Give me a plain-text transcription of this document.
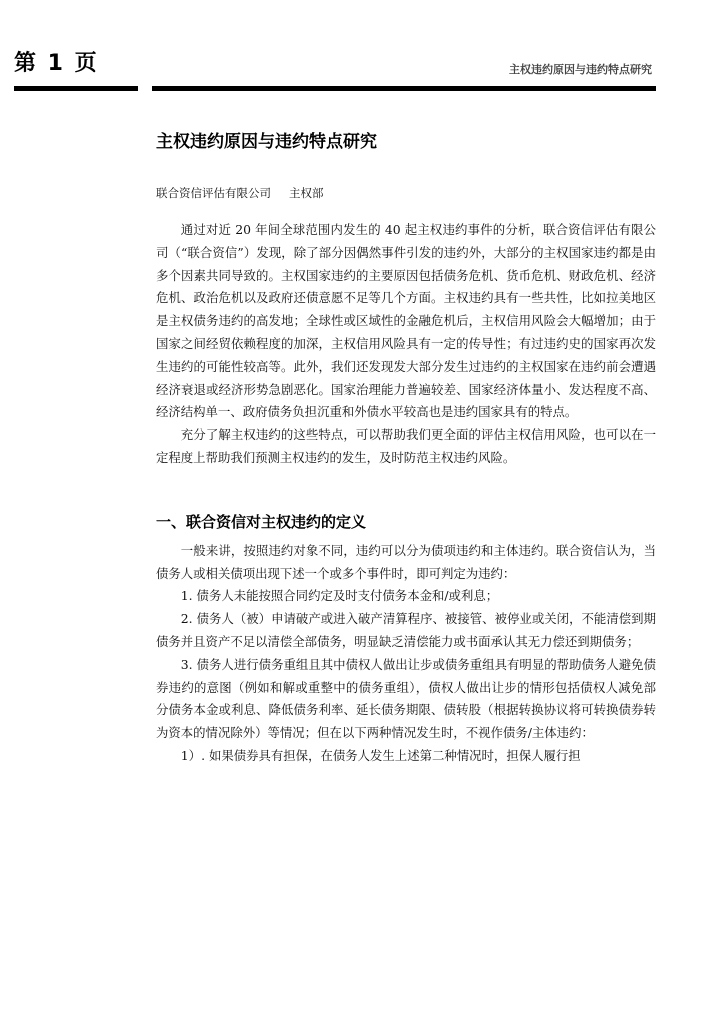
第 1 页	主权违约原因与违约特点研究
主权违约原因与违约特点研究
联合资信评估有限公司 主权部

通过对近 20 年间全球范围内发生的 40 起主权违约事件的分析，联合资信评估有限公司（“联合资信”）发现，除了部分因偶然事件引发的违约外，大部分的主权国家违约都是由多个因素共同导致的。主权国家违约的主要原因包括债务危机、货币危机、财政危机、经济危机、政治危机以及政府还债意愿不足等几个方面。主权违约具有一些共性，比如拉美地区是主权债务违约的高发地；全球性或区域性的金融危机后，主权信用风险会大幅增加；由于国家之间经贸依赖程度的加深，主权信用风险具有一定的传导性；有过违约史的国家再次发生违约的可能性较高等。此外，我们还发现发大部分发生过违约的主权国家在违约前会遭遇经济衰退或经济形势急剧恶化。国家治理能力普遍较差、国家经济体量小、发达程度不高、经济结构单一、政府债务负担沉重和外债水平较高也是违约国家具有的特点。

充分了解主权违约的这些特点，可以帮助我们更全面的评估主权信用风险，也可以在一定程度上帮助我们预测主权违约的发生，及时防范主权违约风险。

一、联合资信对主权违约的定义

一般来讲，按照违约对象不同，违约可以分为债项违约和主体违约。联合资信认为，当债务人或相关债项出现下述一个或多个事件时，即可判定为违约：

1. 债务人未能按照合同约定及时支付债务本金和/或利息；

2. 债务人（被）申请破产或进入破产清算程序、被接管、被停业或关闭，不能清偿到期债务并且资产不足以清偿全部债务，明显缺乏清偿能力或书面承认其无力偿还到期债务；

3. 债务人进行债务重组且其中债权人做出让步或债务重组具有明显的帮助债务人避免债券违约的意图（例如和解或重整中的债务重组），债权人做出让步的情形包括债权人减免部分债务本金或利息、降低债务利率、延长债务期限、债转股（根据转换协议将可转换债券转为资本的情况除外）等情况；但在以下两种情况发生时，不视作债务/主体违约：

1）. 如果债券具有担保，在债务人发生上述第二种情况时，担保人履行担
